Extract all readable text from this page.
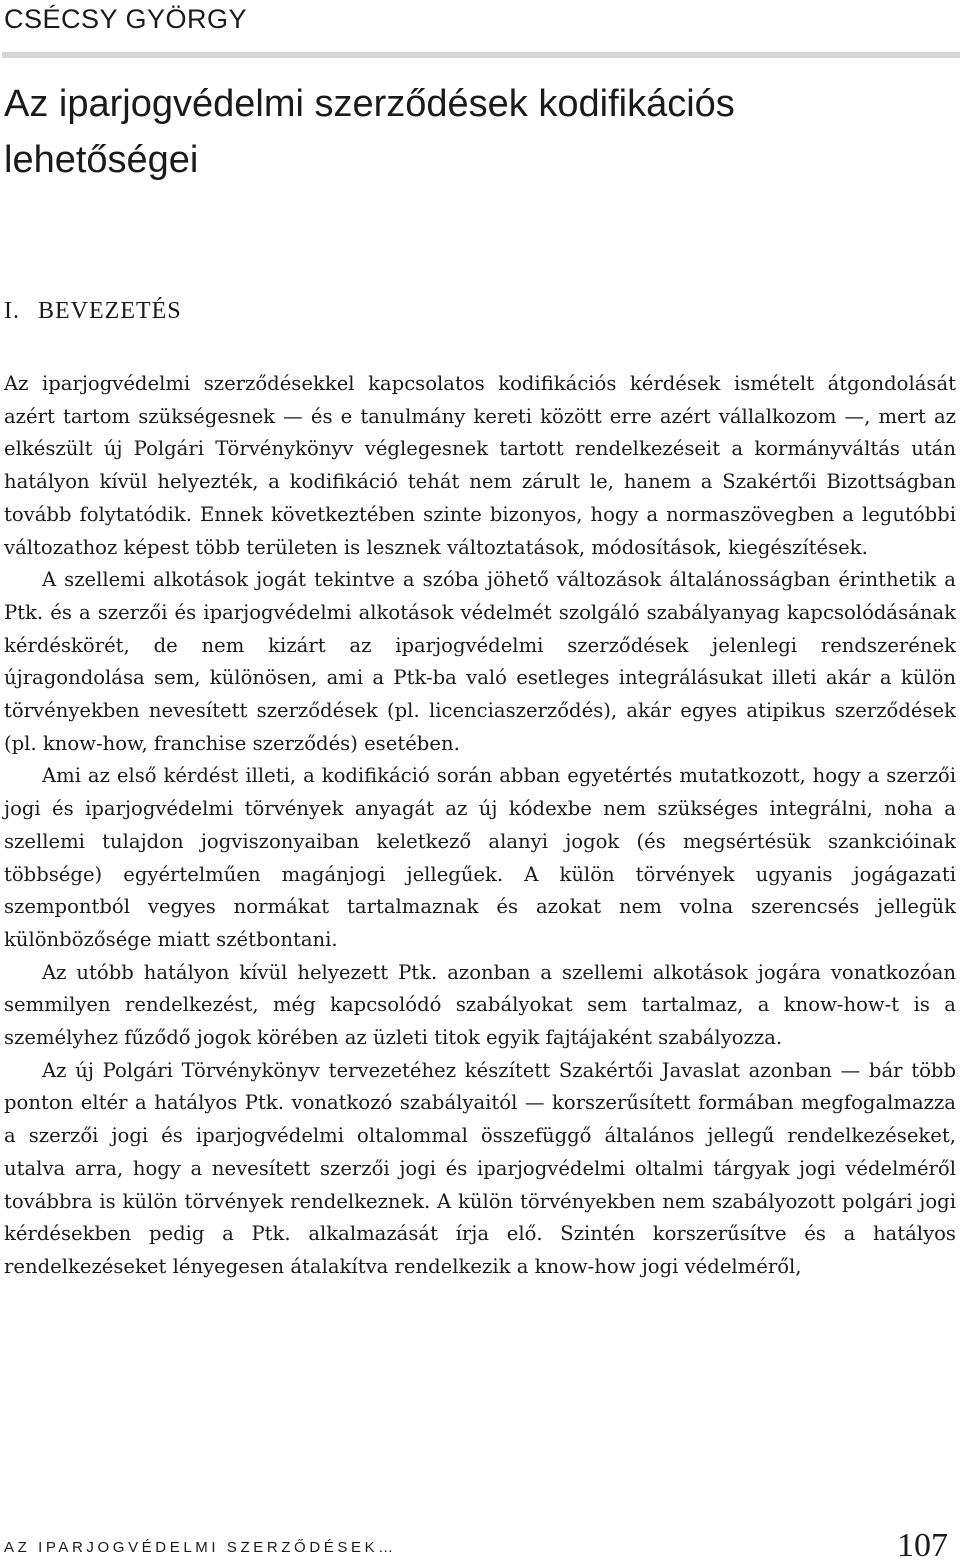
CSÉCSY GYÖRGY
Az iparjogvédelmi szerződések kodifikációs lehetőségei
I. BEVEZETÉS

Az iparjogvédelmi szerződésekkel kapcsolatos kodifikációs kérdések ismételt átgondolását azért tartom szükségesnek — és e tanulmány kereti között erre azért vállalkozom —, mert az elkészült új Polgári Törvénykönyv véglegesnek tartott rendelkezéseit a kormányváltás után hatályon kívül helyezték, a kodifikáció tehát nem zárult le, hanem a Szakértői Bizottságban tovább folytatódik. Ennek következtében szinte bizonyos, hogy a normaszövegben a legutóbbi változathoz képest több területen is lesznek változtatások, módosítások, kiegészítések.

A szellemi alkotások jogát tekintve a szóba jöhető változások általánosságban érinthetik a Ptk. és a szerzői és iparjogvédelmi alkotások védelmét szolgáló szabályanyag kapcsolódásának kérdéskörét, de nem kizárt az iparjogvédelmi szerződések jelenlegi rendszerének újragondolása sem, különösen, ami a Ptk-ba való esetleges integrálásukat illeti akár a külön törvényekben nevesített szerződések (pl. licenciaszerződés), akár egyes atipikus szerződések (pl. know-how, franchise szerződés) esetében.

Ami az első kérdést illeti, a kodifikáció során abban egyetértés mutatkozott, hogy a szerzői jogi és iparjogvédelmi törvények anyagát az új kódexbe nem szükséges integrálni, noha a szellemi tulajdon jogviszonyaiban keletkező alanyi jogok (és megsértésük szankcióinak többsége) egyértelműen magánjogi jellegűek. A külön törvények ugyanis jogágazati szempontból vegyes normákat tartalmaznak és azokat nem volna szerencsés jellegük különbözősége miatt szétbontani.

Az utóbb hatályon kívül helyezett Ptk. azonban a szellemi alkotások jogára vonatkozóan semmilyen rendelkezést, még kapcsolódó szabályokat sem tartalmaz, a know-how-t is a személyhez fűződő jogok körében az üzleti titok egyik fajtájaként szabályozza.

Az új Polgári Törvénykönyv tervezetéhez készített Szakértői Javaslat azonban — bár több ponton eltér a hatályos Ptk. vonatkozó szabályaitól — korszerűsített formában megfogalmazza a szerzői jogi és iparjogvédelmi oltalommal összefüggő általános jellegű rendelkezéseket, utalva arra, hogy a nevesített szerzői jogi és iparjogvédelmi oltalmi tárgyak jogi védelméről továbbra is külön törvények rendelkeznek. A külön törvényekben nem szabályozott polgári jogi kérdésekben pedig a Ptk. alkalmazását írja elő. Szintén korszerűsítve és a hatályos rendelkezéseket lényegesen átalakítva rendelkezik a know-how jogi védelméről,

AZ IPARJOGVÉDELMI SZERZŐDÉSEK…	107
